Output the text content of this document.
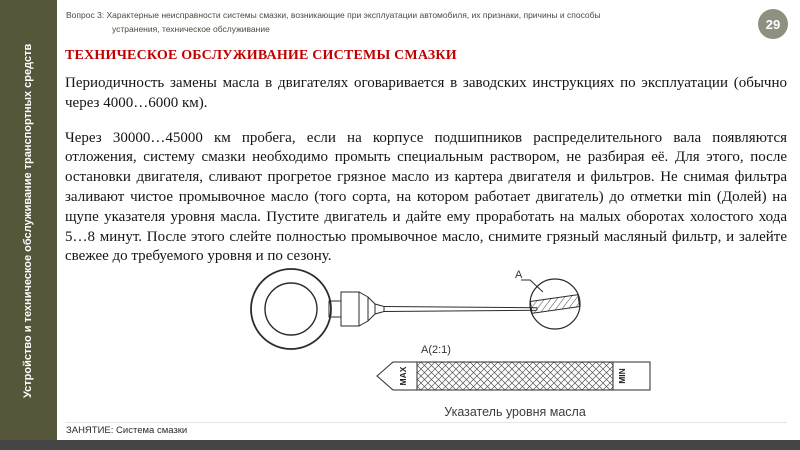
Устройство и техническое обслуживание транспортных средств

Вопрос 3: Характерные неисправности системы смазки, возникающие при эксплуатации автомобиля, их признаки, причины и способы устранения, техническое обслуживание	29
ТЕХНИЧЕСКОЕ ОБСЛУЖИВАНИЕ СИСТЕМЫ СМАЗКИ

Периодичность замены масла в двигателях оговаривается в заводских инструкциях по эксплуатации (обычно через 4000…6000 км).

Через 30000…45000 км пробега, если на корпусе подшипников распределительного вала появляются отложения, систему смазки необходимо промыть специальным раствором, не разбирая её. Для этого, после остановки двигателя, сливают прогретое грязное масло из картера двигателя и фильтров. Не снимая фильтра заливают чистое промывочное масло (того сорта, на котором работает двигатель) до отметки min (Долей) на щупе указателя уровня масла. Пустите двигатель и дайте ему проработать на малых оборотах холостого хода 5…8 минут. После этого слейте полностью промывочное масло, снимите грязный масляный фильтр, и залейте свежее до требуемого уровня и по сезону.

A
A(2:1)
MAX	MIN
Указатель уровня масла
ЗАНЯТИЕ: Система смазки
